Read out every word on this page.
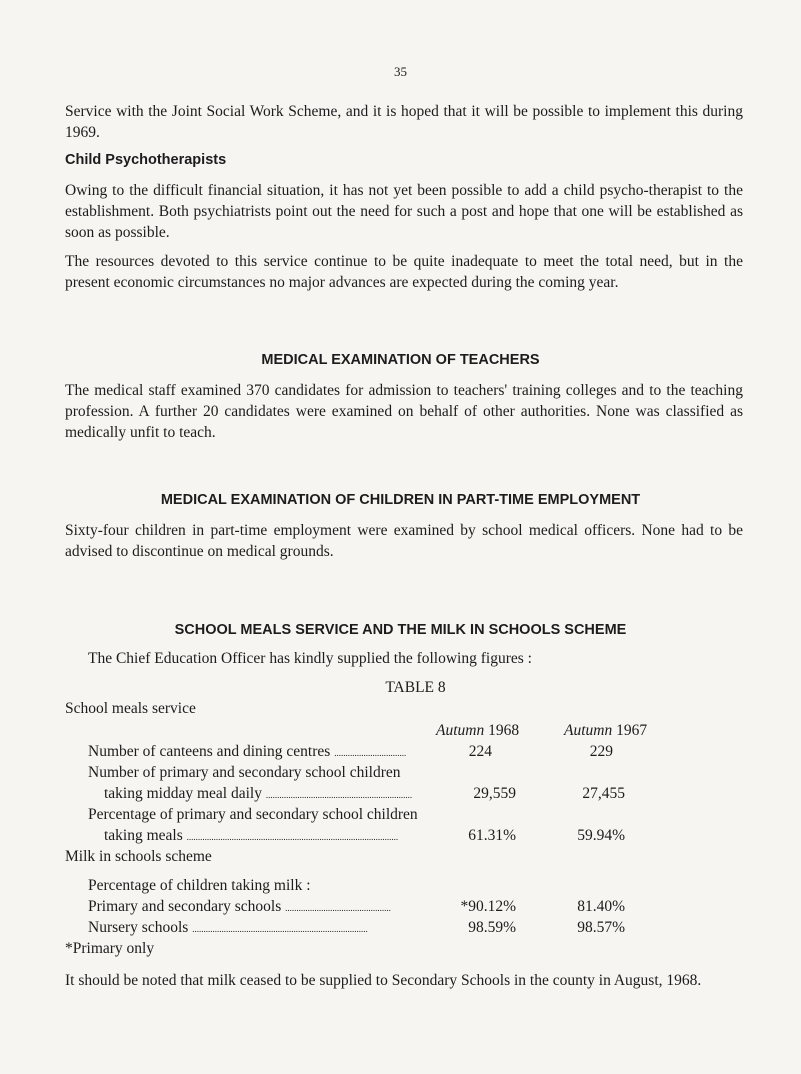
35

Service with the Joint Social Work Scheme, and it is hoped that it will be possible to implement this during 1969.

Child Psychotherapists

Owing to the difficult financial situation, it has not yet been possible to add a child psycho-therapist to the establishment. Both psychiatrists point out the need for such a post and hope that one will be established as soon as possible.

The resources devoted to this service continue to be quite inadequate to meet the total need, but in the present economic circumstances no major advances are expected during the coming year.

MEDICAL EXAMINATION OF TEACHERS

The medical staff examined 370 candidates for admission to teachers' training colleges and to the teaching profession. A further 20 candidates were examined on behalf of other authorities. None was classified as medically unfit to teach.

MEDICAL EXAMINATION OF CHILDREN IN PART-TIME EMPLOYMENT

Sixty-four children in part-time employment were examined by school medical officers. None had to be advised to discontinue on medical grounds.

SCHOOL MEALS SERVICE AND THE MILK IN SCHOOLS SCHEME
The Chief Education Officer has kindly supplied the following figures :
TABLE 8
School meals service
Autumn 1968	Autumn 1967
Number of canteens and dining centres ................................	224	229
Number of primary and secondary school children
taking midday meal daily .................................................................	29,559	27,455
Percentage of primary and secondary school children
taking meals ..............................................................................................	61.31%	59.94%
Milk in schools scheme
Percentage of children taking milk :
Primary and secondary schools ...............................................	*90.12%	81.40%
Nursery schools ..............................................................................	98.59%	98.57%
*Primary only

It should be noted that milk ceased to be supplied to Secondary Schools in the county in August, 1968.
